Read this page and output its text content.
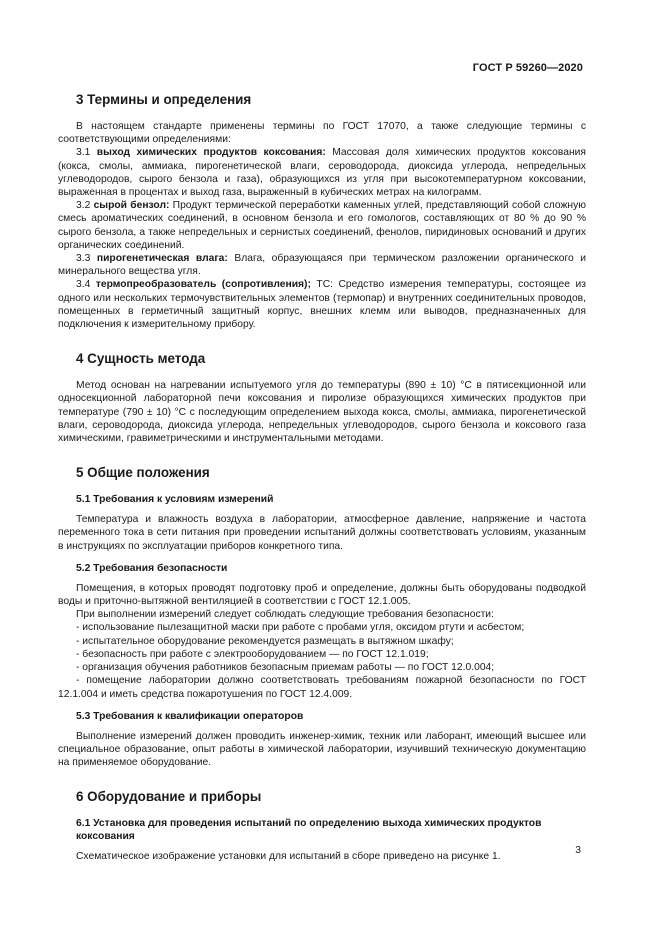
ГОСТ Р 59260—2020
3 Термины и определения

В настоящем стандарте применены термины по ГОСТ 17070, а также следующие термины с соответствующими определениями:

3.1 выход химических продуктов коксования: Массовая доля химических продуктов коксования (кокса, смолы, аммиака, пирогенетической влаги, сероводорода, диоксида углерода, непредельных углеводородов, сырого бензола и газа), образующихся из угля при высокотемпературном коксовании, выраженная в процентах и выход газа, выраженный в кубических метрах на килограмм.

3.2 сырой бензол: Продукт термической переработки каменных углей, представляющий собой сложную смесь ароматических соединений, в основном бензола и его гомологов, составляющих от 80 % до 90 % сырого бензола, а также непредельных и сернистых соединений, фенолов, пиридиновых оснований и других органических соединений.

3.3 пирогенетическая влага: Влага, образующаяся при термическом разложении органического и минерального вещества угля.

3.4 термопреобразователь (сопротивления); ТС: Средство измерения температуры, состоящее из одного или нескольких термочувствительных элементов (термопар) и внутренних соединительных проводов, помещенных в герметичный защитный корпус, внешних клемм или выводов, предназначенных для подключения к измерительному прибору.

4 Сущность метода

Метод основан на нагревании испытуемого угля до температуры (890 ± 10) °С в пятисекционной или односекционной лабораторной печи коксования и пиролизе образующихся химических продуктов при температуре (790 ± 10) °С с последующим определением выхода кокса, смолы, аммиака, пирогенетической влаги, сероводорода, диоксида углерода, непредельных углеводородов, сырого бензола и коксового газа химическими, гравиметрическими и инструментальными методами.

5 Общие положения
5.1 Требования к условиям измерений

Температура и влажность воздуха в лаборатории, атмосферное давление, напряжение и частота переменного тока в сети питания при проведении испытаний должны соответствовать условиям, указанным в инструкциях по эксплуатации приборов конкретного типа.

5.2 Требования безопасности

Помещения, в которых проводят подготовку проб и определение, должны быть оборудованы подводкой воды и приточно-вытяжной вентиляцией в соответствии с ГОСТ 12.1.005.

При выполнении измерений следует соблюдать следующие требования безопасности:

- использование пылезащитной маски при работе с пробами угля, оксидом ртути и асбестом;

- испытательное оборудование рекомендуется размещать в вытяжном шкафу;

- безопасность при работе с электрооборудованием — по ГОСТ 12.1.019;

- организация обучения работников безопасным приемам работы — по ГОСТ 12.0.004;

- помещение лаборатории должно соответствовать требованиям пожарной безопасности по ГОСТ 12.1.004 и иметь средства пожаротушения по ГОСТ 12.4.009.

5.3 Требования к квалификации операторов

Выполнение измерений должен проводить инженер-химик, техник или лаборант, имеющий высшее или специальное образование, опыт работы в химической лаборатории, изучивший техническую документацию на применяемое оборудование.

6 Оборудование и приборы
6.1 Установка для проведения испытаний по определению выхода химических продуктов коксования

Схематическое изображение установки для испытаний в сборе приведено на рисунке 1.

3
